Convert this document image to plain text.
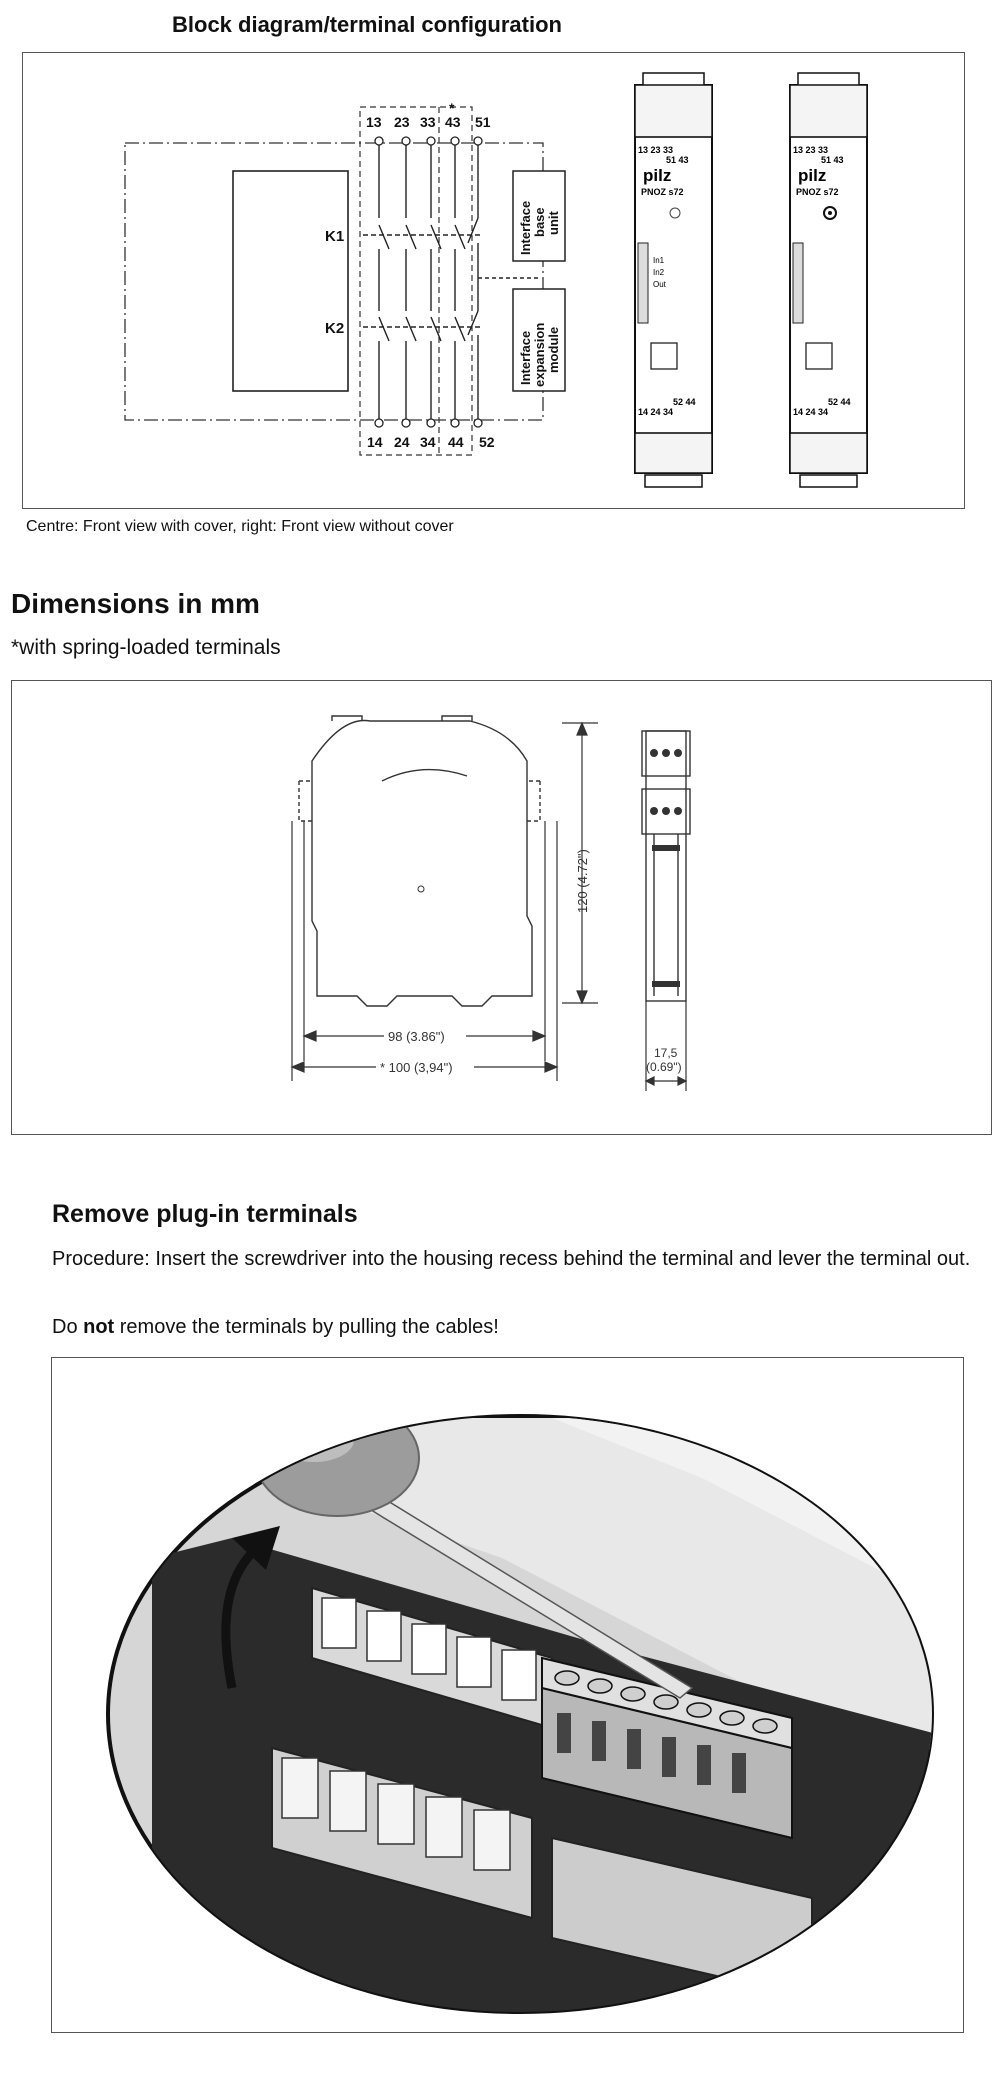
Block diagram/terminal configuration
13 23 33 43 51
*
14 24 34 44 52
K1
K2
Interface base unit
Interface expansion module
13 23 33
51 43
pilz
PNOZ s72
In1
In2
Out
52 44
14 24 34
13 23 33
51 43
pilz
PNOZ s72
52 44
14 24 34
Centre: Front view with cover, right: Front view without cover
Dimensions in mm
*with spring-loaded terminals
120 (4.72")
98 (3.86")
* 100 (3,94")
17,5
(0.69")
Remove plug-in terminals
Procedure: Insert the screwdriver into the housing recess behind the terminal and lever the terminal out.
Do not remove the terminals by pulling the cables!
